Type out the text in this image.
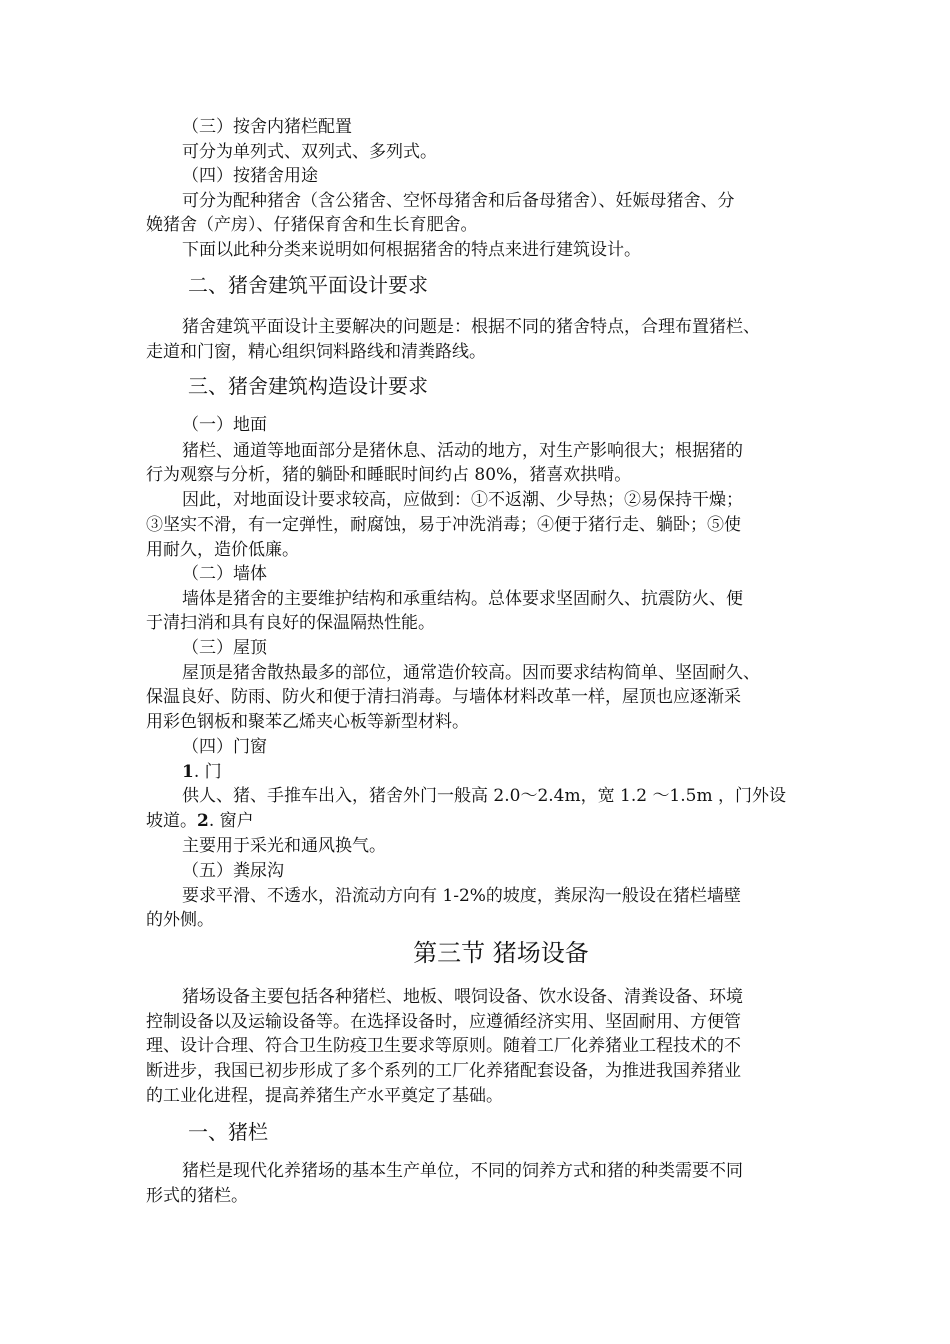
（三）按舍内猪栏配置
可分为单列式、双列式、多列式。
（四）按猪舍用途
可分为配种猪舍（含公猪舍、空怀母猪舍和后备母猪舍）、妊娠母猪舍、分
娩猪舍（产房）、仔猪保育舍和生长育肥舍。
下面以此种分类来说明如何根据猪舍的特点来进行建筑设计。
二、猪舍建筑平面设计要求
猪舍建筑平面设计主要解决的问题是：根据不同的猪舍特点，合理布置猪栏、
走道和门窗，精心组织饲料路线和清粪路线。
三、猪舍建筑构造设计要求
（一）地面
猪栏、通道等地面部分是猪休息、活动的地方，对生产影响很大；根据猪的
行为观察与分析，猪的躺卧和睡眠时间约占 80%，猪喜欢拱啃。
因此，对地面设计要求较高，应做到：①不返潮、少导热；②易保持干燥；
③坚实不滑，有一定弹性，耐腐蚀，易于冲洗消毒；④便于猪行走、躺卧；⑤使
用耐久，造价低廉。
（二）墙体
墙体是猪舍的主要维护结构和承重结构。总体要求坚固耐久、抗震防火、便
于清扫消和具有良好的保温隔热性能。
（三）屋顶
屋顶是猪舍散热最多的部位，通常造价较高。因而要求结构简单、坚固耐久、
保温良好、防雨、防火和便于清扫消毒。与墙体材料改革一样，屋顶也应逐渐采
用彩色钢板和聚苯乙烯夹心板等新型材料。
（四）门窗
1. 门
供人、猪、手推车出入，猪舍外门一般高 2.0～2.4m，宽 1.2 ～1.5m ，门外设
坡道。2. 窗户
主要用于采光和通风换气。
（五）粪尿沟
要求平滑、不透水，沿流动方向有 1-2%的坡度，粪尿沟一般设在猪栏墙壁
的外侧。
第三节 猪场设备
猪场设备主要包括各种猪栏、地板、喂饲设备、饮水设备、清粪设备、环境
控制设备以及运输设备等。在选择设备时，应遵循经济实用、坚固耐用、方便管
理、设计合理、符合卫生防疫卫生要求等原则。随着工厂化养猪业工程技术的不
断进步，我国已初步形成了多个系列的工厂化养猪配套设备，为推进我国养猪业
的工业化进程，提高养猪生产水平奠定了基础。
一、猪栏
猪栏是现代化养猪场的基本生产单位，不同的饲养方式和猪的种类需要不同
形式的猪栏。
